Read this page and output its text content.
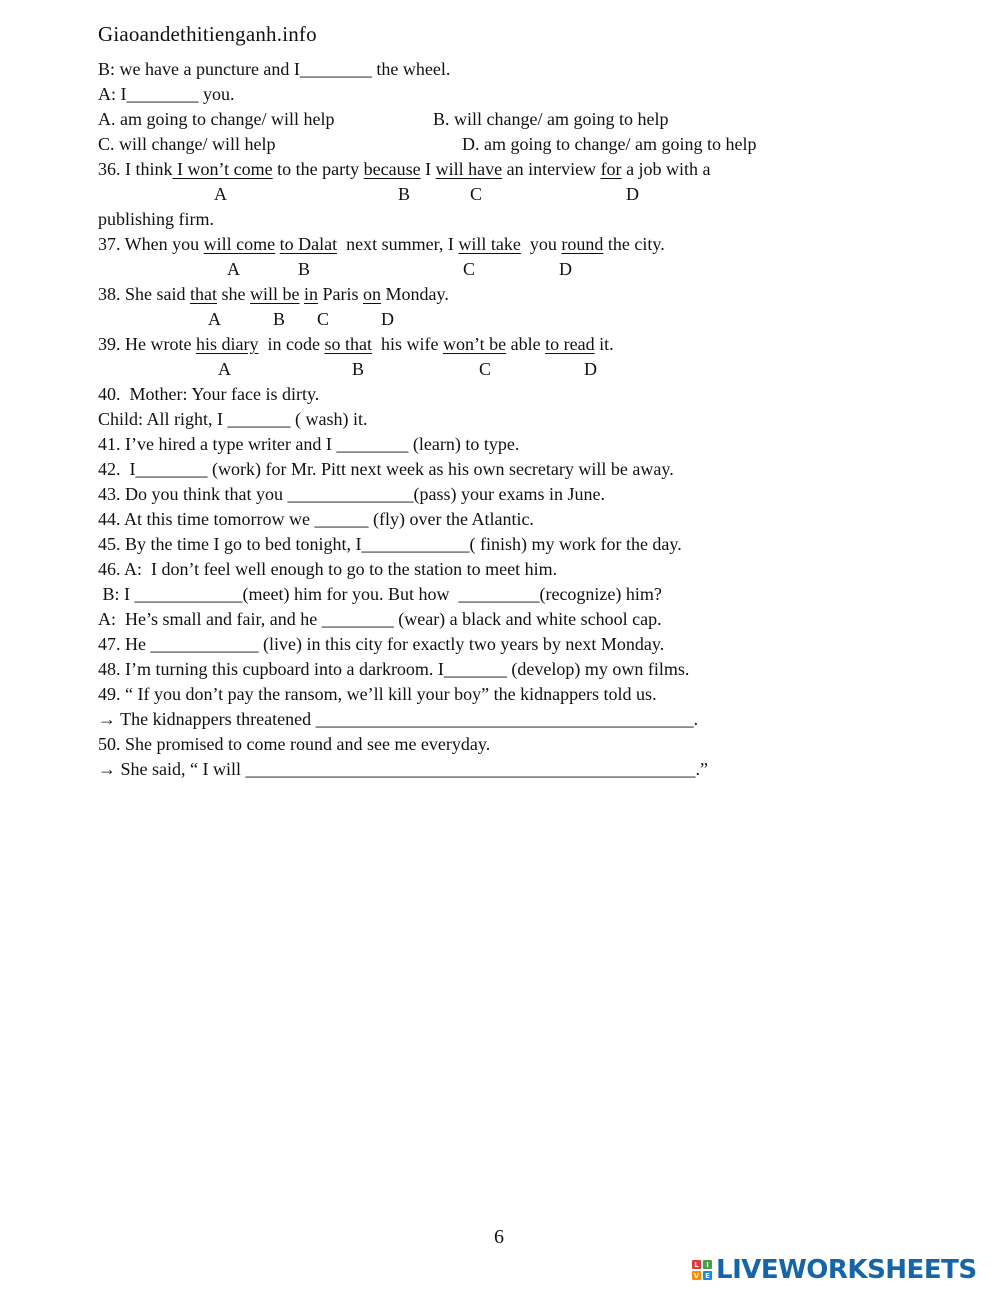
Giaoandethitienganh.info
B: we have a puncture and I________ the wheel.
A: I________ you.
A. am going to change/ will help	B. will change/ am going to help
C. will change/ will help	D. am going to change/ am going to help
36. I think I won’t come to the party because I will have an interview for a job with a
A	B	C	D
publishing firm.
37. When you will come to Dalat  next summer, I will take  you round the city.
A	B	C	D
38. She said that she will be in Paris on Monday.
A	B C	D
39. He wrote his diary  in code so that  his wife won’t be able to read it.
A	B	C	D
40.  Mother: Your face is dirty.
Child: All right, I _______ ( wash) it.
41. I’ve hired a type writer and I ________ (learn) to type.
42.  I________ (work) for Mr. Pitt next week as his own secretary will be away.
43. Do you think that you ______________(pass) your exams in June.
44. At this time tomorrow we ______ (fly) over the Atlantic.
45. By the time I go to bed tonight, I____________( finish) my work for the day.
46. A:  I don’t feel well enough to go to the station to meet him.
B: I ____________(meet) him for you. But how  _________(recognize) him?
A:  He’s small and fair, and he ________ (wear) a black and white school cap.
47. He ____________ (live) in this city for exactly two years by next Monday.
48. I’m turning this cupboard into a darkroom. I_______ (develop) my own films.
49. “ If you don’t pay the ransom, we’ll kill your boy” the kidnappers told us.
→ The kidnappers threatened __________________________________________.
50. She promised to come round and see me everyday.
→ She said, “ I will __________________________________________________.”
6
L	I
V E LIVEWORKSHEETS
